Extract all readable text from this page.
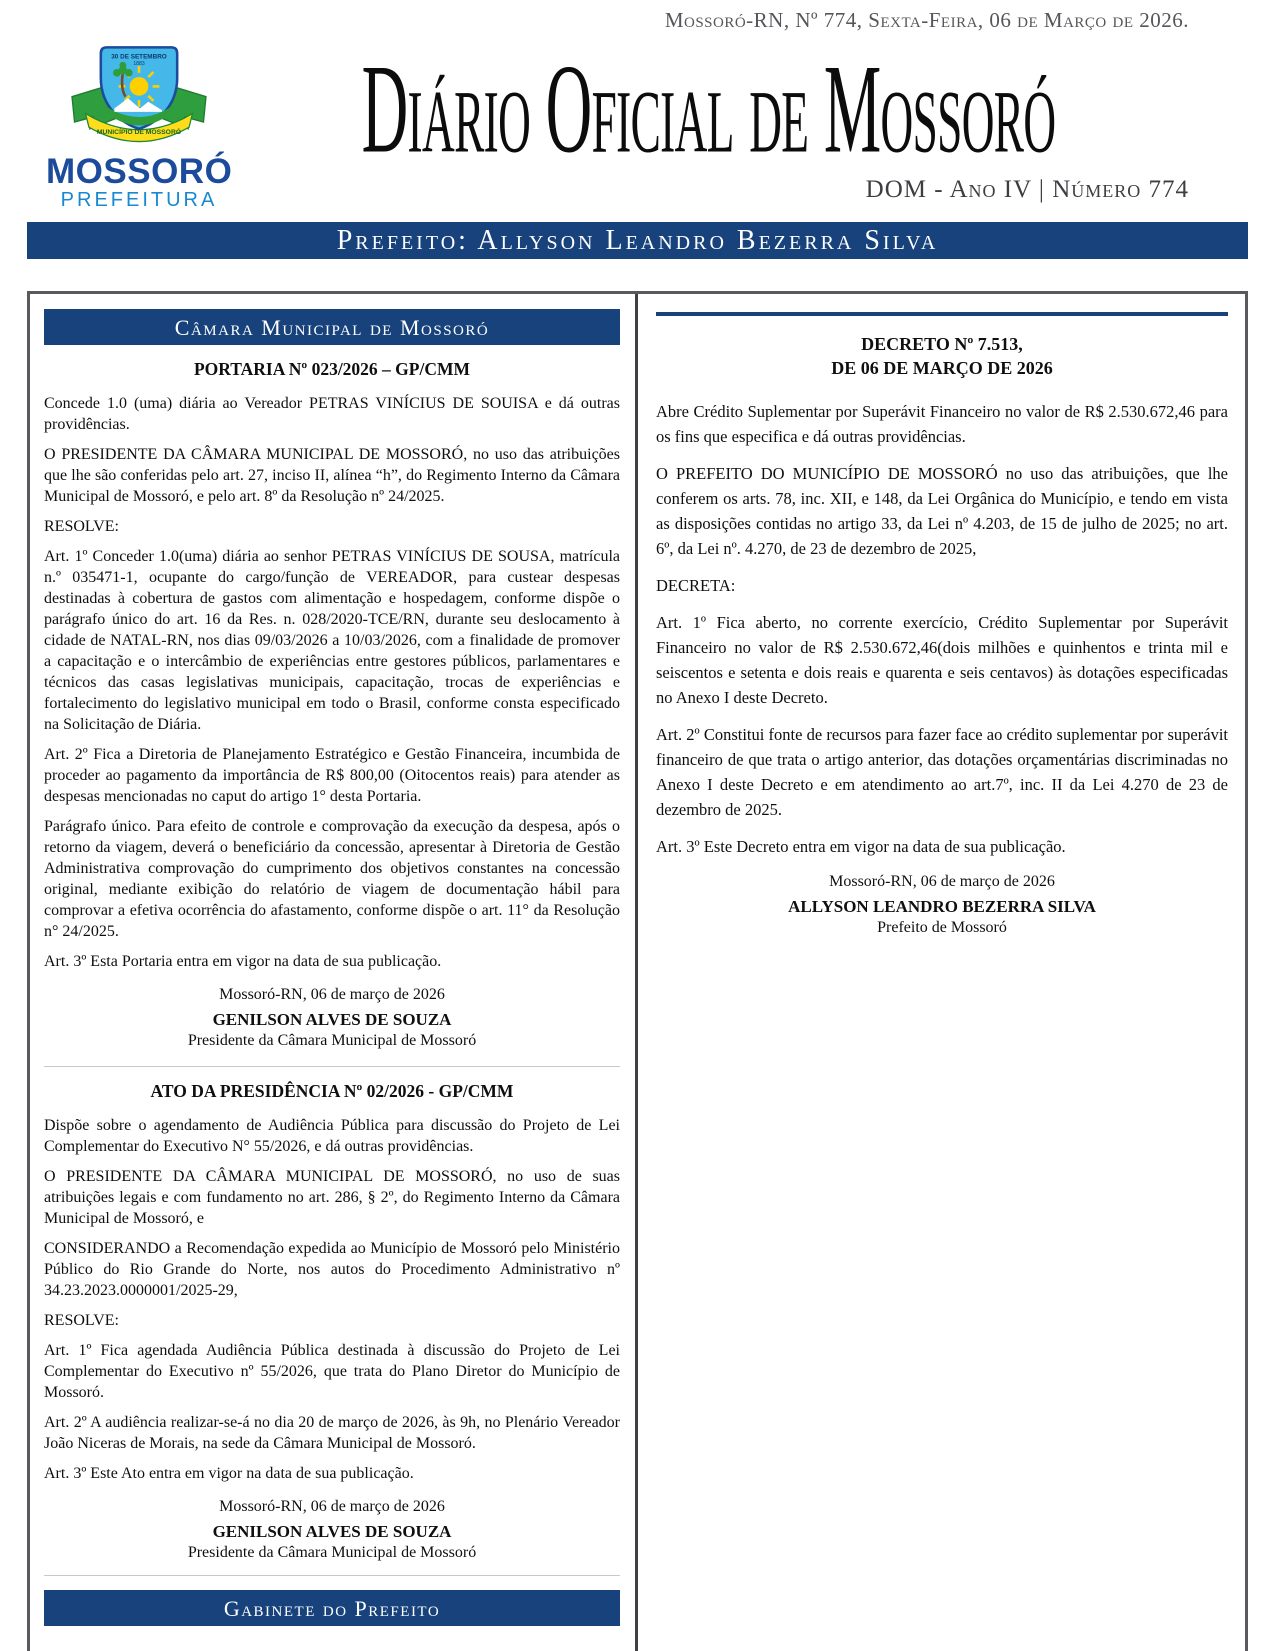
Mossoró-RN, Nº 774, Sexta-Feira, 06 de Março de 2026.
MUNICÍPIO DE MOSSORÓ
30 DE SETEMBRO
1883
MOSSORÓ
PREFEITURA
Diário Oficial de Mossoró
DOM - Ano IV | Número 774
Prefeito: Allyson Leandro Bezerra Silva
Câmara Municipal de Mossoró
PORTARIA Nº 023/2026 – GP/CMM

Concede 1.0 (uma) diária ao Vereador PETRAS VINÍCIUS DE SOUISA e dá outras providências.

O PRESIDENTE DA CÂMARA MUNICIPAL DE MOSSORÓ, no uso das atribuições que lhe são conferidas pelo art. 27, inciso II, alínea “h”, do Regimento Interno da Câmara Municipal de Mossoró, e pelo art. 8º da Resolução nº 24/2025.

RESOLVE:

Art. 1º Conceder 1.0(uma) diária ao senhor PETRAS VINÍCIUS DE SOUSA, matrícula n.º 035471-1, ocupante do cargo/função de VEREADOR, para custear despesas destinadas à cobertura de gastos com alimentação e hospedagem, conforme dispõe o parágrafo único do art. 16 da Res. n. 028/2020-TCE/RN, durante seu deslocamento à cidade de NATAL-RN, nos dias 09/03/2026 a 10/03/2026, com a finalidade de promover a capacitação e o intercâmbio de experiências entre gestores públicos, parlamentares e técnicos das casas legislativas municipais, capacitação, trocas de experiências e fortalecimento do legislativo municipal em todo o Brasil, conforme consta especificado na Solicitação de Diária.

Art. 2º Fica a Diretoria de Planejamento Estratégico e Gestão Financeira, incumbida de proceder ao pagamento da importância de R$ 800,00 (Oitocentos reais) para atender as despesas mencionadas no caput do artigo 1° desta Portaria.

Parágrafo único. Para efeito de controle e comprovação da execução da despesa, após o retorno da viagem, deverá o beneficiário da concessão, apresentar à Diretoria de Gestão Administrativa comprovação do cumprimento dos objetivos constantes na concessão original, mediante exibição do relatório de viagem de documentação hábil para comprovar a efetiva ocorrência do afastamento, conforme dispõe o art. 11° da Resolução n° 24/2025.

Art. 3º Esta Portaria entra em vigor na data de sua publicação.

Mossoró-RN, 06 de março de 2026

GENILSON ALVES DE SOUZA

Presidente da Câmara Municipal de Mossoró

ATO DA PRESIDÊNCIA Nº 02/2026 - GP/CMM

Dispõe sobre o agendamento de Audiência Pública para discussão do Projeto de Lei Complementar do Executivo N° 55/2026, e dá outras providências.

O PRESIDENTE DA CÂMARA MUNICIPAL DE MOSSORÓ, no uso de suas atribuições legais e com fundamento no art. 286, § 2º, do Regimento Interno da Câmara Municipal de Mossoró, e

CONSIDERANDO a Recomendação expedida ao Município de Mossoró pelo Ministério Público do Rio Grande do Norte, nos autos do Procedimento Administrativo nº 34.23.2023.0000001/2025-29,

RESOLVE:

Art. 1º Fica agendada Audiência Pública destinada à discussão do Projeto de Lei Complementar do Executivo nº 55/2026, que trata do Plano Diretor do Município de Mossoró.

Art. 2º A audiência realizar-se-á no dia 20 de março de 2026, às 9h, no Plenário Vereador João Niceras de Morais, na sede da Câmara Municipal de Mossoró.

Art. 3º Este Ato entra em vigor na data de sua publicação.

Mossoró-RN, 06 de março de 2026

GENILSON ALVES DE SOUZA

Presidente da Câmara Municipal de Mossoró

Gabinete do Prefeito
DECRETO Nº 7.513,
DE 06 DE MARÇO DE 2026

Abre Crédito Suplementar por Superávit Financeiro no valor de R$ 2.530.672,46 para os fins que especifica e dá outras providências.

O PREFEITO DO MUNICÍPIO DE MOSSORÓ no uso das atribuições, que lhe conferem os arts. 78, inc. XII, e 148, da Lei Orgânica do Município, e tendo em vista as disposições contidas no artigo 33, da Lei nº 4.203, de 15 de julho de 2025; no art. 6º, da Lei nº. 4.270, de 23 de dezembro de 2025,

DECRETA:

Art. 1º Fica aberto, no corrente exercício, Crédito Suplementar por Superávit Financeiro no valor de R$ 2.530.672,46(dois milhões e quinhentos e trinta mil e seiscentos e setenta e dois reais e quarenta e seis centavos) às dotações especificadas no Anexo I deste Decreto.

Art. 2º Constitui fonte de recursos para fazer face ao crédito suplementar por superávit financeiro de que trata o artigo anterior, das dotações orçamentárias discriminadas no Anexo I deste Decreto e em atendimento ao art.7º, inc. II da Lei 4.270 de 23 de dezembro de 2025.

Art. 3º Este Decreto entra em vigor na data de sua publicação.

Mossoró-RN, 06 de março de 2026

ALLYSON LEANDRO BEZERRA SILVA

Prefeito de Mossoró
